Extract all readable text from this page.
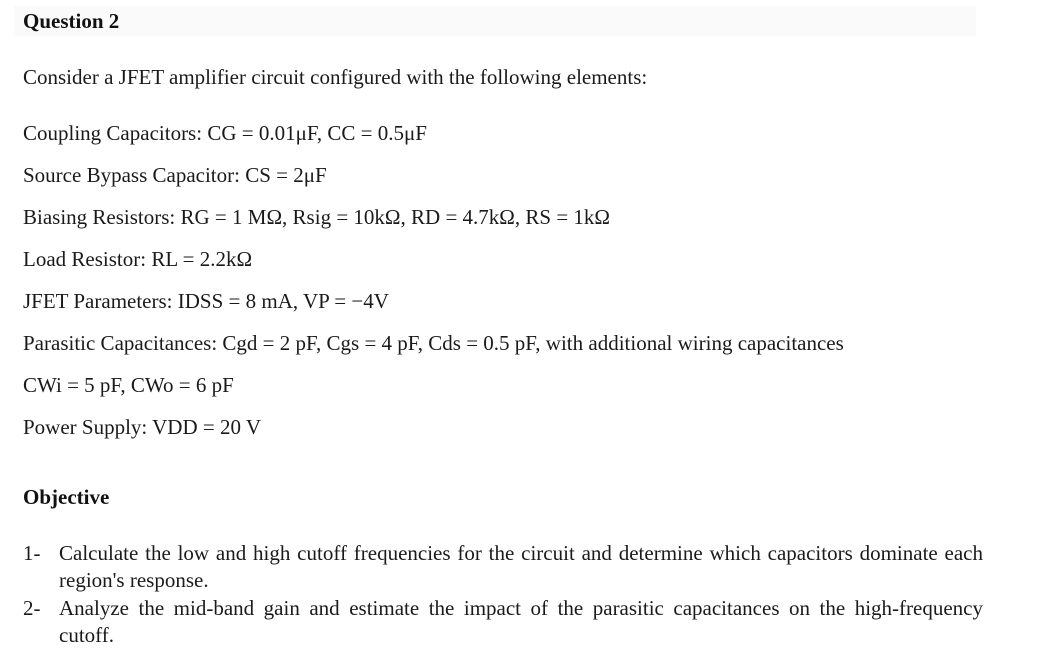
Question 2

Consider a JFET amplifier circuit configured with the following elements:

Coupling Capacitors: CG = 0.01μF, CC = 0.5μF

Source Bypass Capacitor: CS = 2μF

Biasing Resistors: RG = 1 MΩ, Rsig = 10kΩ, RD = 4.7kΩ, RS = 1kΩ

Load Resistor: RL = 2.2kΩ

JFET Parameters: IDSS = 8 mA, VP = −4V

Parasitic Capacitances: Cgd = 2 pF, Cgs = 4 pF, Cds = 0.5 pF, with additional wiring capacitances

CWi = 5 pF, CWo = 6 pF

Power Supply: VDD = 20 V

Objective
1- Calculate the low and high cutoff frequencies for the circuit and determine which capacitors dominate each region's response.
2- Analyze the mid-band gain and estimate the impact of the parasitic capacitances on the high-frequency cutoff.
